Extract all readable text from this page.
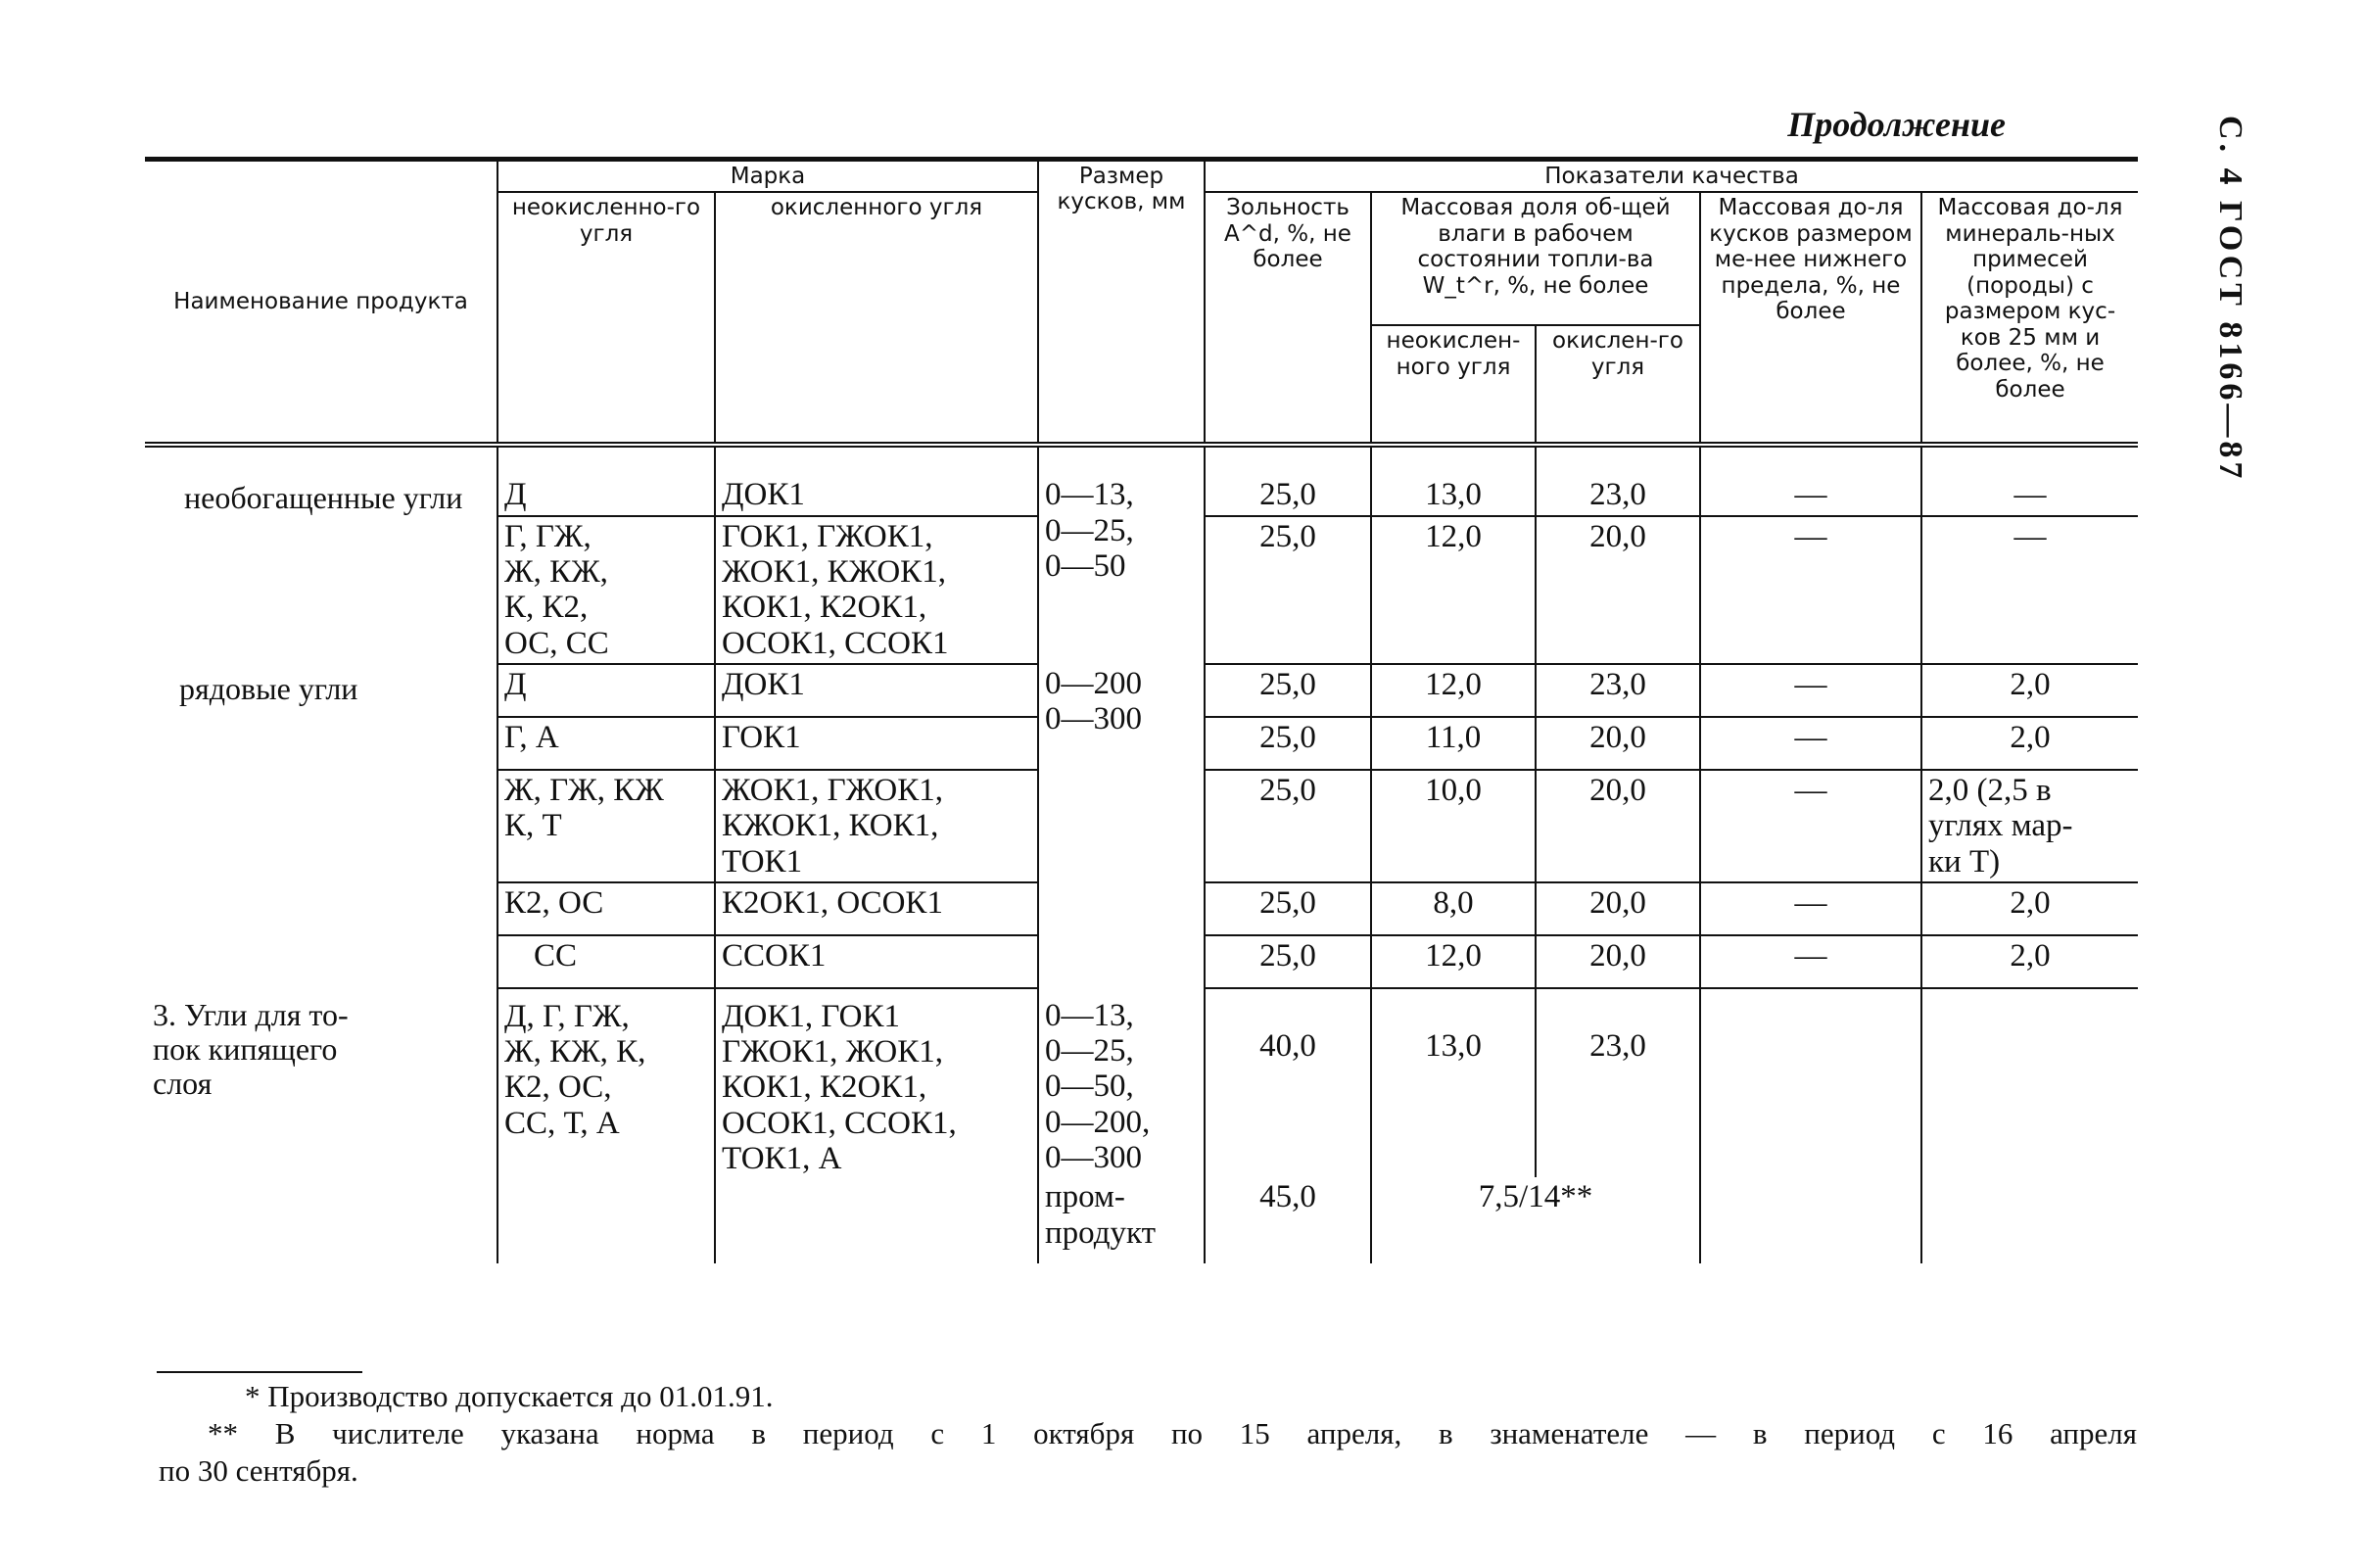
Продолжение	С. 4 ГОСТ 8166—87
Наименование продукта	Марка		Размер кусков, мм	Показатели качества				
	неокисленно-го угля	окисленного угля		Зольность A^d, %, не более	Массовая доля об-щей влаги в рабочем состоянии топли-ва W_t^r, %, не более		Массовая до-ля кусков размером ме-нее нижнего предела, %, не более	Массовая до-ля минераль-ных примесей (породы) с размером кус-ков 25 мм и более, %, не более
					неокислен-ного угля	окислен-го угля		

необогащенные угли	Д	ДОК1	0—13,
0—25,
0—50	25,0	13,0	23,0	—	—
	Г, ГЖ,
Ж, КЖ,
К, К2,
ОС, СС	ГОК1, ГЖОК1,
ЖОК1, КЖОК1,
КОК1, К2ОК1,
ОСОК1, ССОК1		25,0	12,0	20,0	—	—
рядовые угли	Д	ДОК1	0—200
0—300	25,0	12,0	23,0	—	2,0
	Г, А	ГОК1		25,0	11,0	20,0	—	2,0
	Ж, ГЖ, КЖ
К, Т	ЖОК1, ГЖОК1,
КЖОК1, КОК1,
ТОК1		25,0	10,0	20,0	—	2,0 (2,5 в
углях мар-
ки Т)
	К2, ОС	К2ОК1, ОСОК1		25,0	8,0	20,0	—	2,0
	СС	ССОК1		25,0	12,0	20,0	—	2,0
3. Угли для то-
пок кипящего
слоя	Д, Г, ГЖ,
Ж, КЖ, К,
К2, ОС,
СС, Т, А	ДОК1, ГОК1
ГЖОК1, ЖОК1,
КОК1, К2ОК1,
ОСОК1, ССОК1,
ТОК1, А	0—13,
0—25,
0—50,
0—200,
0—300	40,0	13,0	23,0		
			пром-
продукт	45,0	7,5/14**			
* Производство допускается до 01.01.91.
** В числителе указана норма в период с 1 октября по 15 апреля, в знаменателе — в период с 16 апреля
по 30 сентября.
